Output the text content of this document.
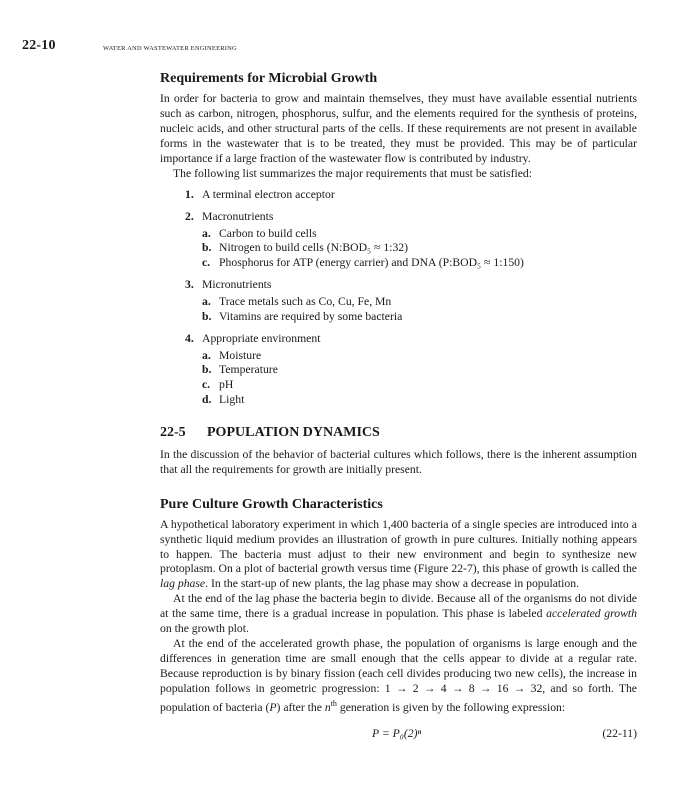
22-10	WATER AND WASTEWATER ENGINEERING
Requirements for Microbial Growth

In order for bacteria to grow and maintain themselves, they must have available essential nutrients such as carbon, nitrogen, phosphorus, sulfur, and the elements required for the synthesis of proteins, nucleic acids, and other structural parts of the cells. If these requirements are not present in available forms in the wastewater that is to be treated, they must be provided. This may be of particular importance if a large fraction of the wastewater flow is contributed by industry.

The following list summarizes the major requirements that must be satisfied:

1. A terminal electron acceptor
2. Macronutrients
a. Carbon to build cells
b. Nitrogen to build cells (N:BOD₅ ≈ 1:32)
c. Phosphorus for ATP (energy carrier) and DNA (P:BOD₅ ≈ 1:150)
3. Micronutrients
a. Trace metals such as Co, Cu, Fe, Mn
b. Vitamins are required by some bacteria
4. Appropriate environment
a. Moisture
b. Temperature
c. pH
d. Light
22-5 POPULATION DYNAMICS

In the discussion of the behavior of bacterial cultures which follows, there is the inherent assumption that all the requirements for growth are initially present.

Pure Culture Growth Characteristics

A hypothetical laboratory experiment in which 1,400 bacteria of a single species are introduced into a synthetic liquid medium provides an illustration of growth in pure cultures. Initially nothing appears to happen. The bacteria must adjust to their new environment and begin to synthesize new protoplasm. On a plot of bacterial growth versus time (Figure 22-7), this phase of growth is called the lag phase. In the start-up of new plants, the lag phase may show a decrease in population.

At the end of the lag phase the bacteria begin to divide. Because all of the organisms do not divide at the same time, there is a gradual increase in population. This phase is labeled accelerated growth on the growth plot.

At the end of the accelerated growth phase, the population of organisms is large enough and the differences in generation time are small enough that the cells appear to divide at a regular rate. Because reproduction is by binary fission (each cell divides producing two new cells), the increase in population follows in geometric progression: 1 → 2 → 4 → 8 → 16 → 32, and so forth. The population of bacteria (P) after the $n^{th}$ generation is given by the following expression:

P = P₀(2)ⁿ	(22-11)
